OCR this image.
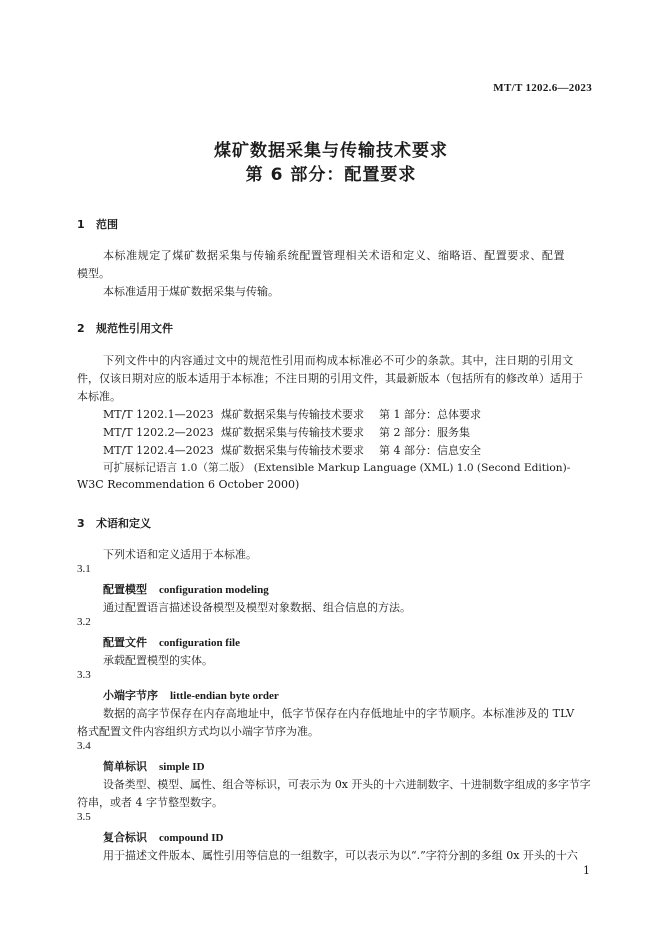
MT/T 1202.6—2023
煤矿数据采集与传输技术要求
第 6 部分：配置要求
1 范围
本标准规定了煤矿数据采集与传输系统配置管理相关术语和定义、缩略语、配置要求、配置
模型。
本标准适用于煤矿数据采集与传输。
2 规范性引用文件
下列文件中的内容通过文中的规范性引用而构成本标准必不可少的条款。其中，注日期的引用文
件，仅该日期对应的版本适用于本标准；不注日期的引用文件，其最新版本（包括所有的修改单）适用于
本标准。
MT/T 1202.1—2023 煤矿数据采集与传输技术要求 第 1 部分：总体要求
MT/T 1202.2—2023 煤矿数据采集与传输技术要求 第 2 部分：服务集
MT/T 1202.4—2023 煤矿数据采集与传输技术要求 第 4 部分：信息安全
可扩展标记语言 1.0（第二版） (Extensible Markup Language (XML) 1.0 (Second Edition)-
W3C Recommendation 6 October 2000)
3 术语和定义
下列术语和定义适用于本标准。
3.1
配置模型 configuration modeling
通过配置语言描述设备模型及模型对象数据、组合信息的方法。
3.2
配置文件 configuration file
承载配置模型的实体。
3.3
小端字节序 little-endian byte order
数据的高字节保存在内存高地址中，低字节保存在内存低地址中的字节顺序。本标准涉及的 TLV
格式配置文件内容组织方式均以小端字节序为准。
3.4
简单标识 simple ID
设备类型、模型、属性、组合等标识，可表示为 0x 开头的十六进制数字、十进制数字组成的多字节字
符串，或者 4 字节整型数字。
3.5
复合标识 compound ID
用于描述文件版本、属性引用等信息的一组数字，可以表示为以“.”字符分割的多组 0x 开头的十六
1
